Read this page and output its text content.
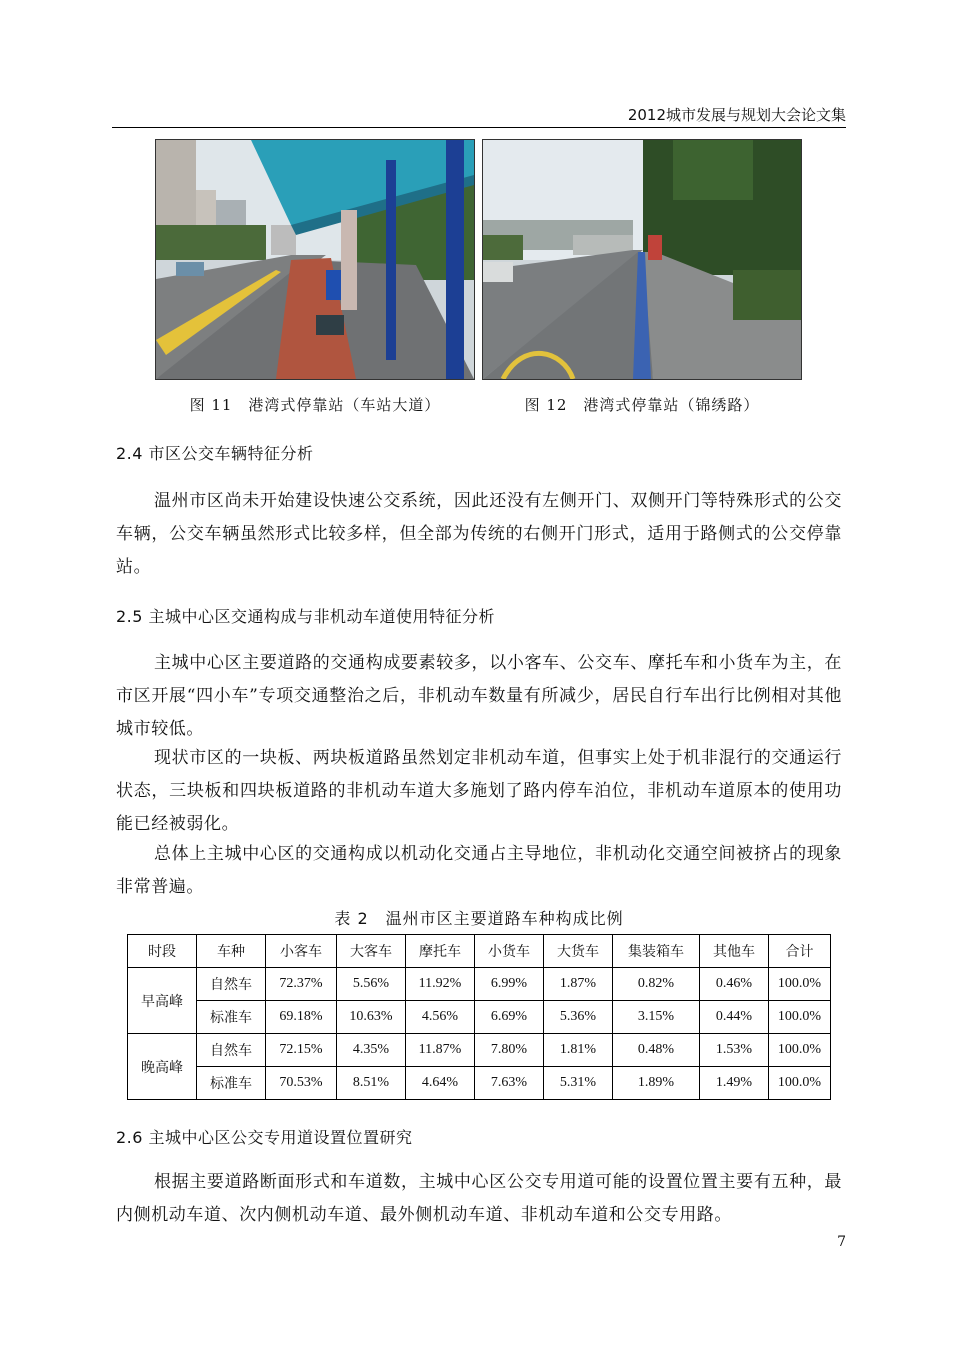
2012城市发展与规划大会论文集
图 11　港湾式停靠站（车站大道）	图 12　港湾式停靠站（锦绣路）
2.4 市区公交车辆特征分析
温州市区尚未开始建设快速公交系统，因此还没有左侧开门、双侧开门等特殊形式的公交车辆，公交车辆虽然形式比较多样，但全部为传统的右侧开门形式，适用于路侧式的公交停靠站。
2.5 主城中心区交通构成与非机动车道使用特征分析
主城中心区主要道路的交通构成要素较多，以小客车、公交车、摩托车和小货车为主，在市区开展“四小车”专项交通整治之后，非机动车数量有所减少，居民自行车出行比例相对其他城市较低。
现状市区的一块板、两块板道路虽然划定非机动车道，但事实上处于机非混行的交通运行状态，三块板和四块板道路的非机动车道大多施划了路内停车泊位，非机动车道原本的使用功能已经被弱化。
总体上主城中心区的交通构成以机动化交通占主导地位，非机动化交通空间被挤占的现象非常普遍。
表 2　温州市区主要道路车种构成比例
时段	车种	小客车	大客车	摩托车	小货车	大货车	集装箱车	其他车	合计
早高峰	自然车	72.37%	5.56%	11.92%	6.99%	1.87%	0.82%	0.46%	100.0%
	标准车	69.18%	10.63%	4.56%	6.69%	5.36%	3.15%	0.44%	100.0%
晚高峰	自然车	72.15%	4.35%	11.87%	7.80%	1.81%	0.48%	1.53%	100.0%
	标准车	70.53%	8.51%	4.64%	7.63%	5.31%	1.89%	1.49%	100.0%
2.6 主城中心区公交专用道设置位置研究
根据主要道路断面形式和车道数，主城中心区公交专用道可能的设置位置主要有五种，最内侧机动车道、次内侧机动车道、最外侧机动车道、非机动车道和公交专用路。
7
